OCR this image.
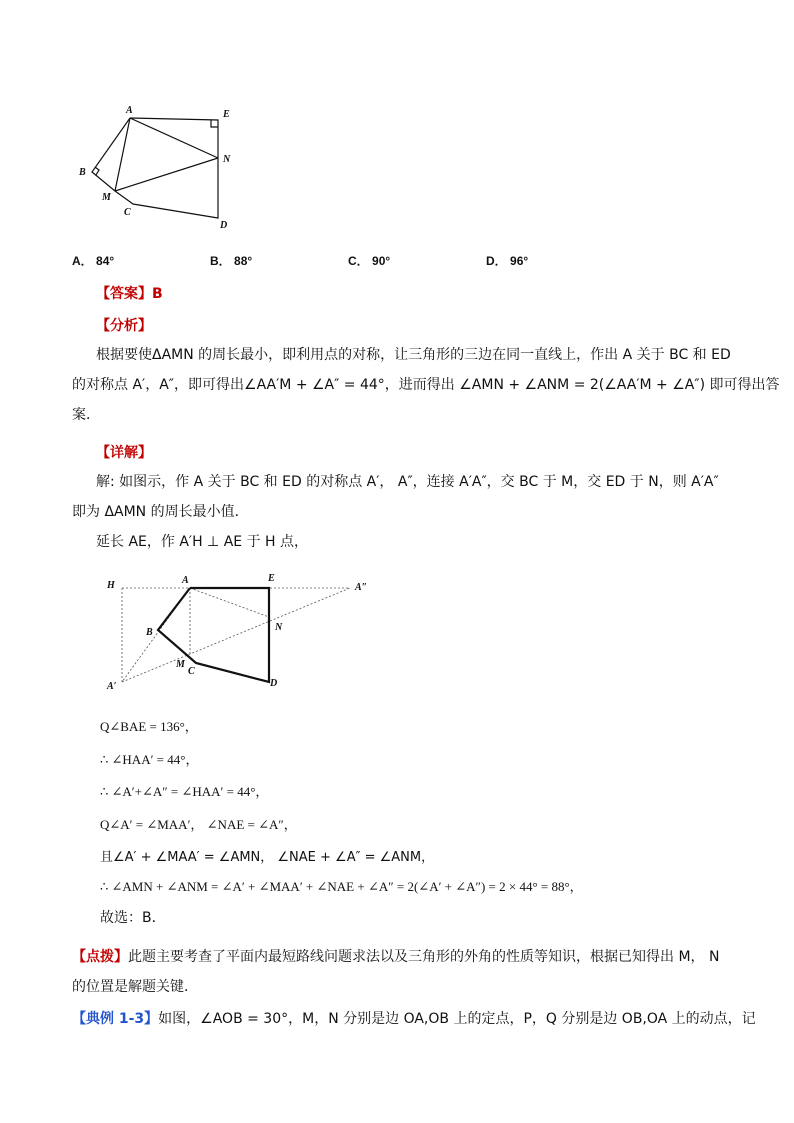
A	E
B
N
M
C
D
A． 84°	B． 88°	C． 90°	D． 96°
【答案】B
【分析】
根据要使ΔAMN 的周长最小，即利用点的对称，让三角形的三边在同一直线上，作出 A 关于 BC 和 ED
的对称点 A′，A″，即可得出∠AA′M + ∠A″ = 44°，进而得出 ∠AMN + ∠ANM = 2(∠AA′M + ∠A″) 即可得出答
案．
【详解】
解: 如图示，作 A 关于 BC 和 ED 的对称点 A′， A″，连接 A′A″，交 BC 于 M，交 ED 于 N，则 A′A″
即为 ΔAMN 的周长最小值．
延长 AE，作 A′H ⊥ AE 于 H 点，
H	A	E
A″
B	N
M
C
A′	D
Q∠BAE = 136°，
∴ ∠HAA′ = 44°，
∴ ∠A′+∠A″ = ∠HAA′ = 44°，
Q∠A′ = ∠MAA′， ∠NAE = ∠A″，
且∠A′ + ∠MAA′ = ∠AMN， ∠NAE + ∠A″ = ∠ANM，
∴ ∠AMN + ∠ANM = ∠A′ + ∠MAA′ + ∠NAE + ∠A″ = 2(∠A′ + ∠A″) = 2 × 44° = 88°，
故选：B．
【点拨】此题主要考查了平面内最短路线问题求法以及三角形的外角的性质等知识，根据已知得出 M， N
的位置是解题关键．
【典例 1-3】如图，∠AOB = 30°，M，N 分别是边 OA,OB 上的定点，P，Q 分别是边 OB,OA 上的动点，记
